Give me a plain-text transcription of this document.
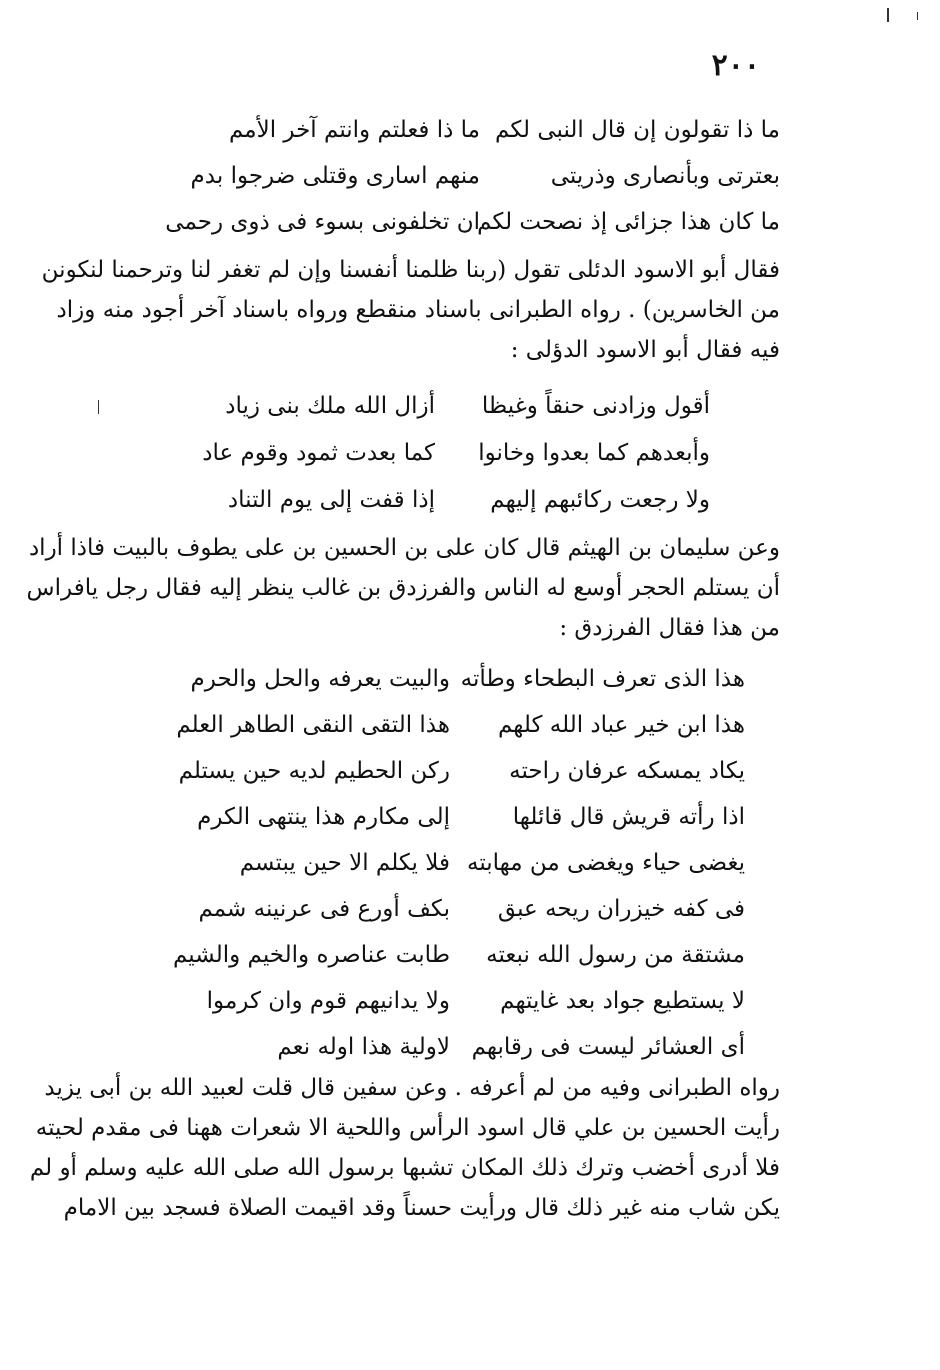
٢٠٠
ما ذا تقولون إن قال النبى لكم
ما ذا فعلتم وانتم آخر الأمم
بعترتى وبأنصارى وذريتى
منهم اسارى وقتلى ضرجوا بدم
ما كان هذا جزائى إذ نصحت لكم
ان تخلفونى بسوء فى ذوى رحمى
فقال أبو الاسود الدئلى تقول (ربنا ظلمنا أنفسنا وإن لم تغفر لنا وترحمنا لنكونن
من الخاسرين) . رواه الطبرانى باسناد منقطع ورواه باسناد آخر أجود منه وزاد
فيه فقال أبو الاسود الدؤلى :
أقول وزادنى حنقاً وغيظا
أزال الله ملك بنى زياد
وأبعدهم كما بعدوا وخانوا
كما بعدت ثمود وقوم عاد
ولا رجعت ركائبهم إليهم
إذا قفت إلى يوم التناد
وعن سليمان بن الهيثم قال كان على بن الحسين بن على يطوف بالبيت فاذا أراد
أن يستلم الحجر أوسع له الناس والفرزدق بن غالب ينظر إليه فقال رجل يافراس
من هذا فقال الفرزدق :
هذا الذى تعرف البطحاء وطأته
والبيت يعرفه والحل والحرم
هذا ابن خير عباد الله كلهم
هذا التقى النقى الطاهر العلم
يكاد يمسكه عرفان راحته
ركن الحطيم لديه حين يستلم
اذا رأته قريش قال قائلها
إلى مكارم هذا ينتهى الكرم
يغضى حياء ويغضى من مهابته
فلا يكلم الا حين يبتسم
فى كفه خيزران ريحه عبق
بكف أورع فى عرنينه شمم
مشتقة من رسول الله نبعته
طابت عناصره والخيم والشيم
لا يستطيع جواد بعد غايتهم
ولا يدانيهم قوم وان كرموا
أى العشائر ليست فى رقابهم
لاولية هذا اوله نعم
رواه الطبرانى وفيه من لم أعرفه . وعن سفين قال قلت لعبيد الله بن أبى يزيد
رأيت الحسين بن علي قال اسود الرأس واللحية الا شعرات ههنا فى مقدم لحيته
فلا أدرى أخضب وترك ذلك المكان تشبها برسول الله صلى الله عليه وسلم أو لم
يكن شاب منه غير ذلك قال ورأيت حسناً وقد اقيمت الصلاة فسجد بين الامام
